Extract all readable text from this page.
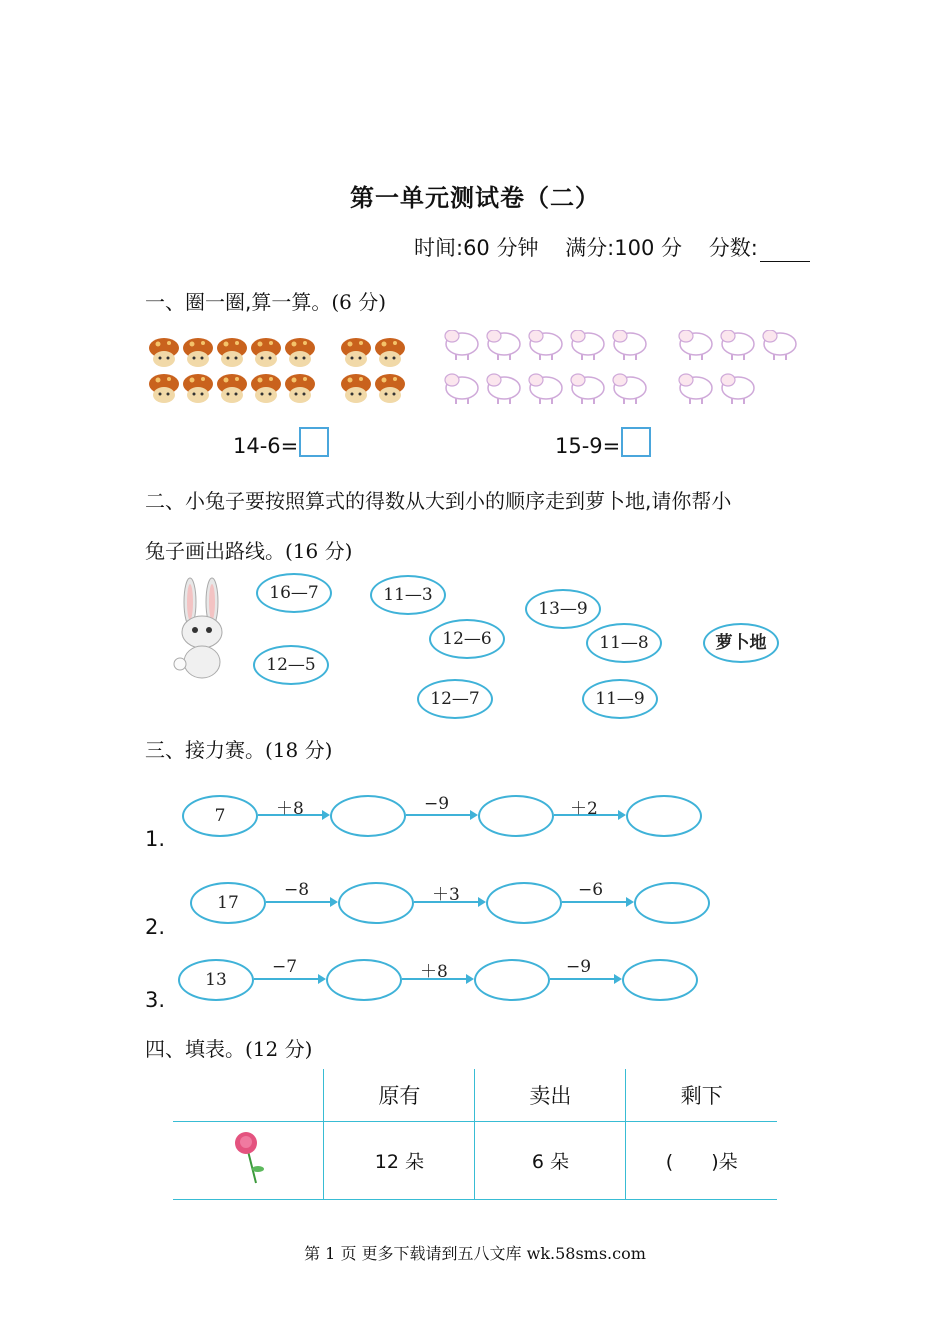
第一单元测试卷（二）
时间:60 分钟 满分:100 分 分数:
一、圈一圈,算一算。(6 分)
14-6=	15-9=
二、小兔子要按照算式的得数从大到小的顺序走到萝卜地,请你帮小
兔子画出路线。(16 分)
16—7	11—3
13—9
12—6	11—8
12—5
12—7	11—9
萝卜地
三、接力赛。(18 分)
1.
7	＋8	−9	＋2
2.
17
−8	＋3	−6
3.
13
−7	＋8	−9
四、填表。(12 分)
	原有	卖出	剩下
	12 朵	6 朵	(　　)朵
第 1 页 更多下载请到五八文库 wk.58sms.com
